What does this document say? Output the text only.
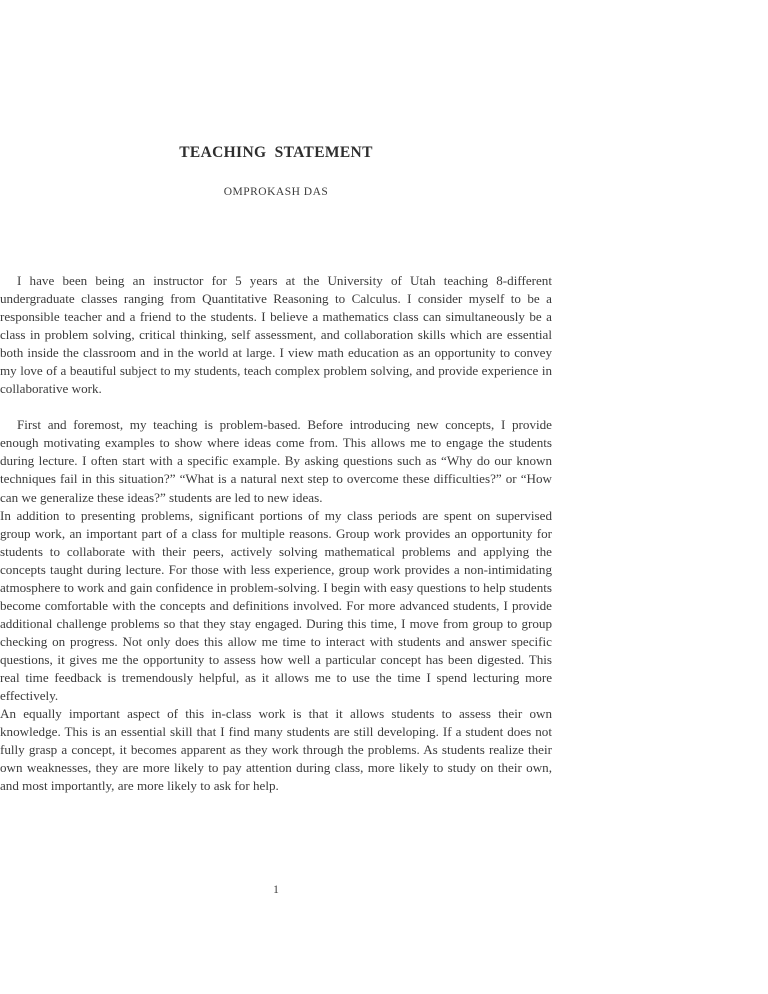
TEACHING STATEMENT
OMPROKASH DAS

I have been being an instructor for 5 years at the University of Utah teaching 8-different undergraduate classes ranging from Quantitative Reasoning to Calculus. I consider myself to be a responsible teacher and a friend to the students. I believe a mathematics class can simultaneously be a class in problem solving, critical thinking, self assessment, and collaboration skills which are essential both inside the classroom and in the world at large. I view math education as an opportunity to convey my love of a beautiful subject to my students, teach complex problem solving, and provide experience in collaborative work.

First and foremost, my teaching is problem-based. Before introducing new concepts, I provide enough motivating examples to show where ideas come from. This allows me to engage the students during lecture. I often start with a specific example. By asking questions such as “Why do our known techniques fail in this situation?” “What is a natural next step to overcome these difficulties?” or “How can we generalize these ideas?” students are led to new ideas.

In addition to presenting problems, significant portions of my class periods are spent on supervised group work, an important part of a class for multiple reasons. Group work provides an opportunity for students to collaborate with their peers, actively solving mathematical problems and applying the concepts taught during lecture. For those with less experience, group work provides a non-intimidating atmosphere to work and gain confidence in problem-solving. I begin with easy questions to help students become comfortable with the concepts and definitions involved. For more advanced students, I provide additional challenge problems so that they stay engaged. During this time, I move from group to group checking on progress. Not only does this allow me time to interact with students and answer specific questions, it gives me the opportunity to assess how well a particular concept has been digested. This real time feedback is tremendously helpful, as it allows me to use the time I spend lecturing more effectively.

An equally important aspect of this in-class work is that it allows students to assess their own knowledge. This is an essential skill that I find many students are still developing. If a student does not fully grasp a concept, it becomes apparent as they work through the problems. As students realize their own weaknesses, they are more likely to pay attention during class, more likely to study on their own, and most importantly, are more likely to ask for help.

1
